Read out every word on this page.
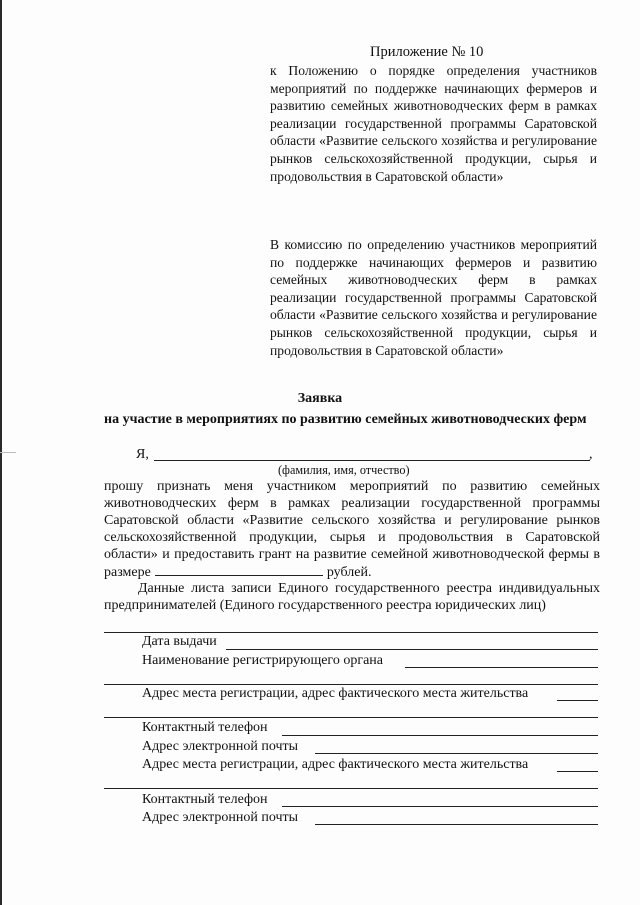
Приложение № 10
к Положению о порядке определения участников мероприятий по поддержке начинающих фермеров и развитию семейных животноводческих ферм в рамках реализации государственной программы Саратовской области «Развитие сельского хозяйства и регулирование рынков сельскохозяйственной продукции, сырья и продовольствия в Саратовской области»
В комиссию по определению участников мероприятий по поддержке начинающих фермеров и развитию семейных животноводческих ферм в рамках реализации государственной программы Саратовской области «Развитие сельского хозяйства и регулирование рынков сельскохозяйственной продукции, сырья и продовольствия в Саратовской области»
Заявка
на участие в мероприятиях по развитию семейных животноводческих ферм
Я,	,
(фамилия, имя, отчество)
прошу признать меня участником мероприятий по развитию семейных животноводческих ферм в рамках реализации государственной программы Саратовской области «Развитие сельского хозяйства и регулирование рынков сельскохозяйственной продукции, сырья и продовольствия в Саратовской области» и предоставить грант на развитие семейной животноводческой фермы в размере	рублей.
Данные листа записи Единого государственного реестра индивидуальных предпринимателей (Единого государственного реестра юридических лиц)
Дата выдачи
Наименование регистрирующего органа
Адрес места регистрации, адрес фактического места жительства
Контактный телефон
Адрес электронной почты
Адрес места регистрации, адрес фактического места жительства
Контактный телефон
Адрес электронной почты
